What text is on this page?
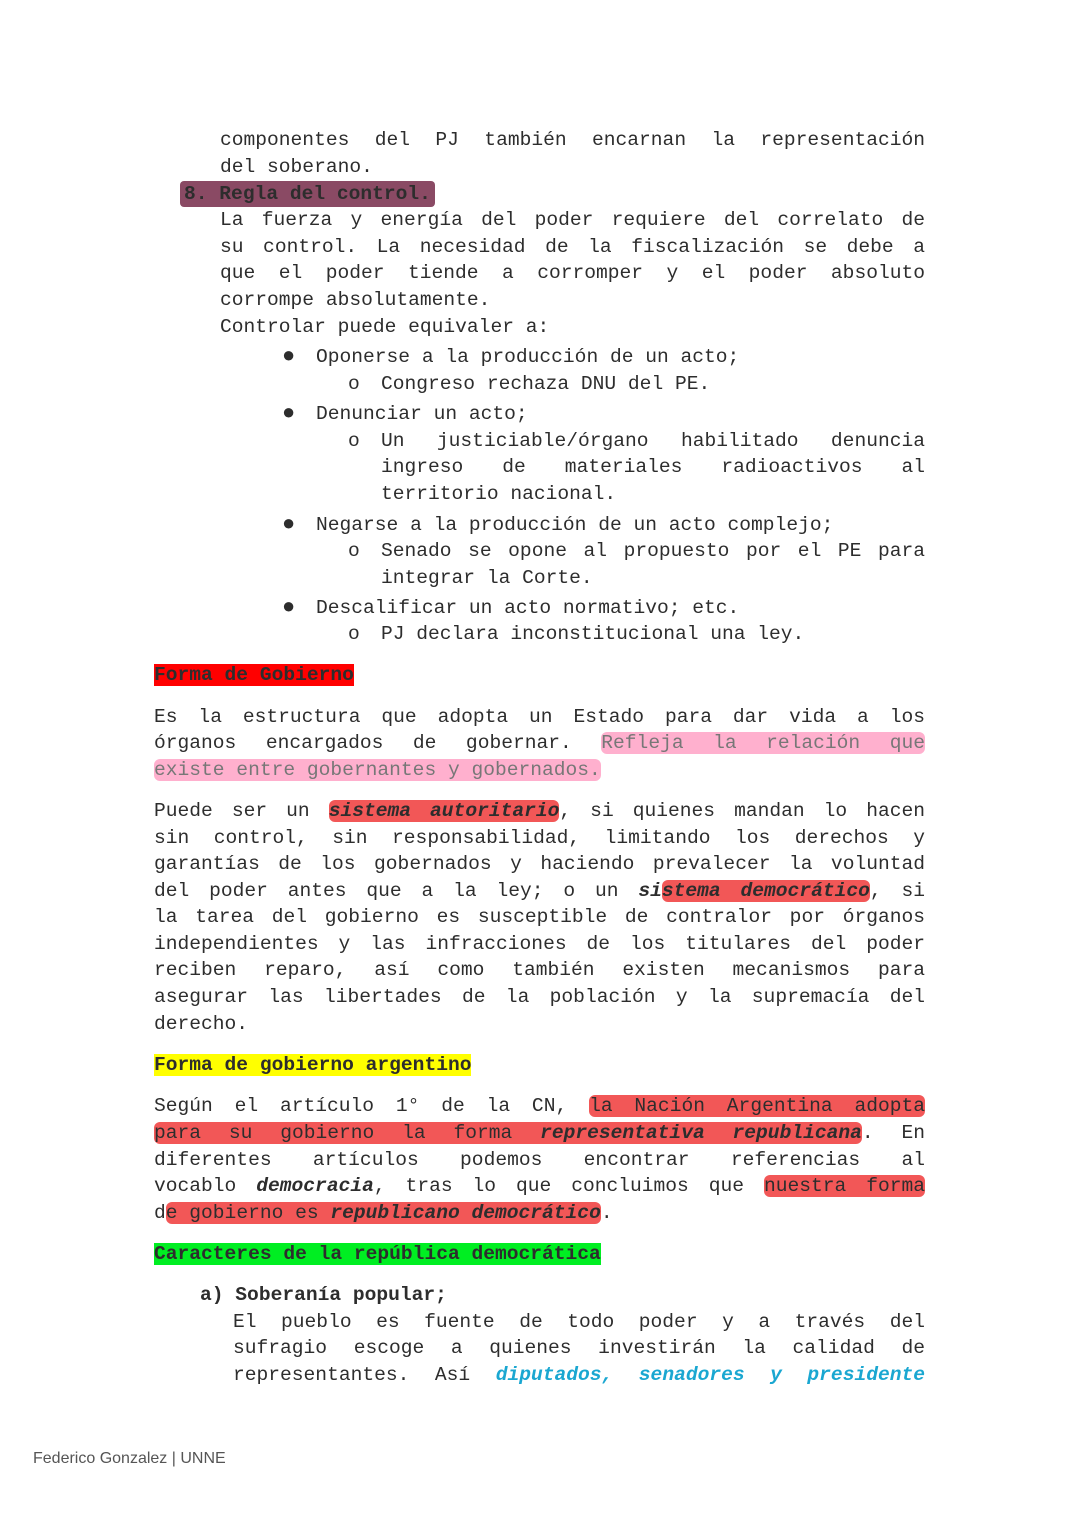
componentes del PJ también encarnan la representación
del soberano.
8. Regla del control.
La fuerza y energía del poder requiere del correlato de
su control. La necesidad de la fiscalización se debe a
que el poder tiende a corromper y el poder absoluto
corrompe absolutamente.
Controlar puede equivaler a:
● Oponerse a la producción de un acto;
o Congreso rechaza DNU del PE.
● Denunciar un acto;
o Un justiciable/órgano habilitado denuncia
ingreso de materiales radioactivos al
territorio nacional.
● Negarse a la producción de un acto complejo;
o Senado se opone al propuesto por el PE para
integrar la Corte.
● Descalificar un acto normativo; etc.
o PJ declara inconstitucional una ley.
Forma de Gobierno
Es la estructura que adopta un Estado para dar vida a los
órganos encargados de gobernar. Refleja la relación que
existe entre gobernantes y gobernados.
Puede ser un sistema autoritario, si quienes mandan lo hacen
sin control, sin responsabilidad, limitando los derechos y
garantías de los gobernados y haciendo prevalecer la voluntad
del poder antes que a la ley; o un sistema democrático, si
la tarea del gobierno es susceptible de contralor por órganos
independientes y las infracciones de los titulares del poder
reciben reparo, así como también existen mecanismos para
asegurar las libertades de la población y la supremacía del
derecho.
Forma de gobierno argentino
Según el artículo 1° de la CN, la Nación Argentina adopta
para su gobierno la forma representativa republicana. En
diferentes artículos podemos encontrar referencias al
vocablo democracia, tras lo que concluimos que nuestra forma
de gobierno es republicano democrático.
Caracteres de la república democrática
a) Soberanía popular;
El pueblo es fuente de todo poder y a través del
sufragio escoge a quienes investirán la calidad de
representantes. Así diputados, senadores y presidente
Federico Gonzalez | UNNE
